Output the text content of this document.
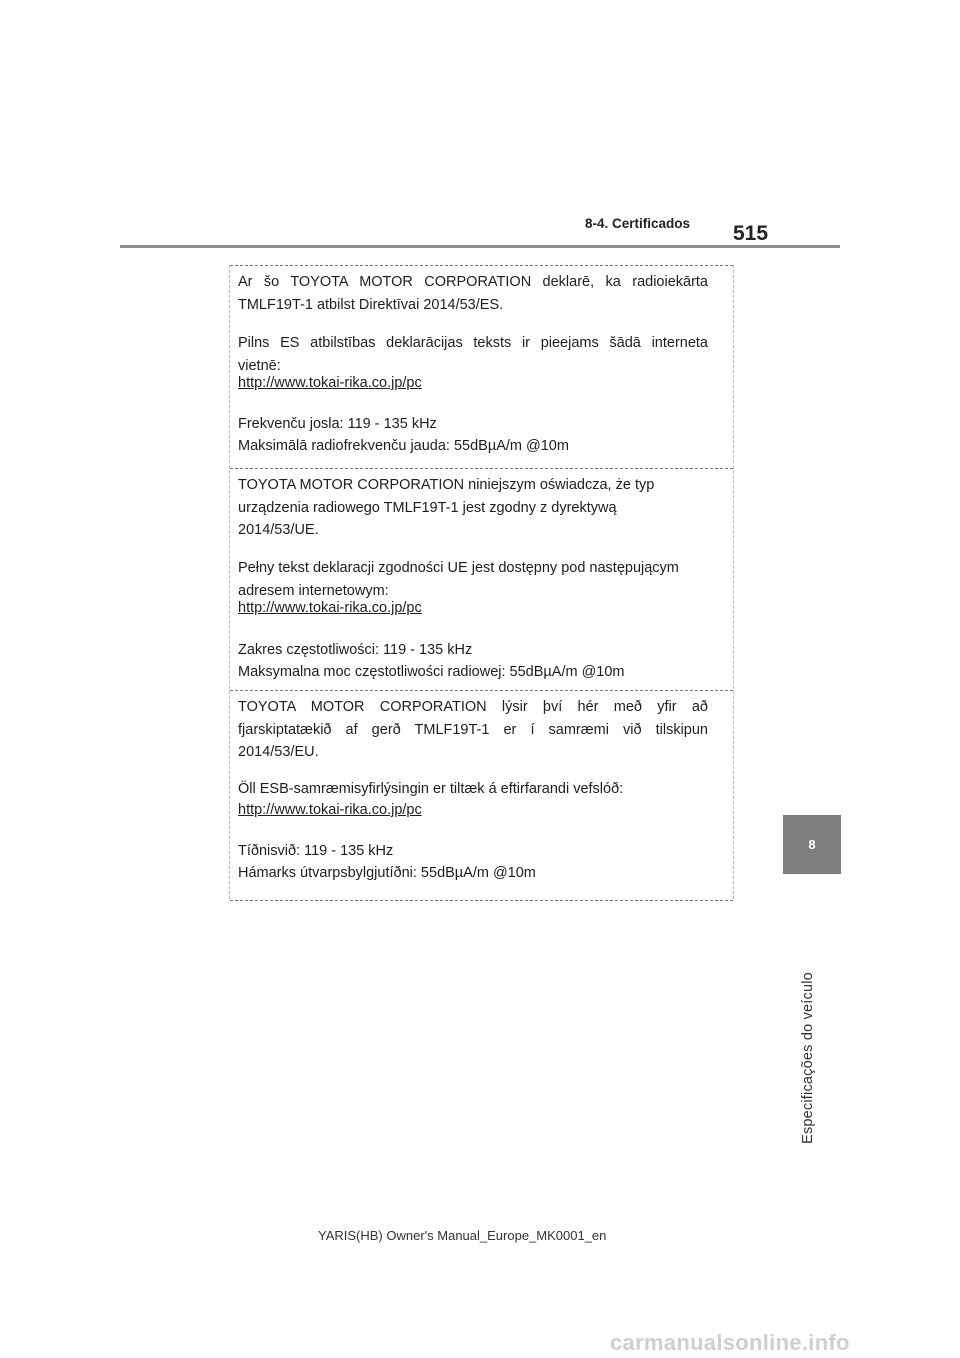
8-4. Certificados 515
8
Especificações do veículo
Ar šo TOYOTA MOTOR CORPORATION deklarē, ka radioiekārta
TMLF19T-1 atbilst Direktīvai 2014/53/ES.
Pilns ES atbilstības deklarācijas teksts ir pieejams šādā interneta
vietnē:
http://www.tokai-rika.co.jp/pc
Frekvenču josla: 119 - 135 kHz
Maksimālā radiofrekvenču jauda: 55dBµA/m @10m
TOYOTA MOTOR CORPORATION niniejszym oświadcza, że typ
urządzenia radiowego TMLF19T-1 jest zgodny z dyrektywą
2014/53/UE.
Pełny tekst deklaracji zgodności UE jest dostępny pod następującym
adresem internetowym:
http://www.tokai-rika.co.jp/pc
Zakres częstotliwości: 119 - 135 kHz
Maksymalna moc częstotliwości radiowej: 55dBµA/m @10m
TOYOTA MOTOR CORPORATION lýsir því hér með yfir að
fjarskiptatækið af gerð TMLF19T-1 er í samræmi við tilskipun
2014/53/EU.
Öll ESB-samræmisyfirlýsingin er tiltæk á eftirfarandi vefslóð:
http://www.tokai-rika.co.jp/pc
Tíðnisvið: 119 - 135 kHz
Hámarks útvarpsbylgjutíðni: 55dBµA/m @10m
YARIS(HB) Owner's Manual_Europe_MK0001_en
carmanualsonline.info
